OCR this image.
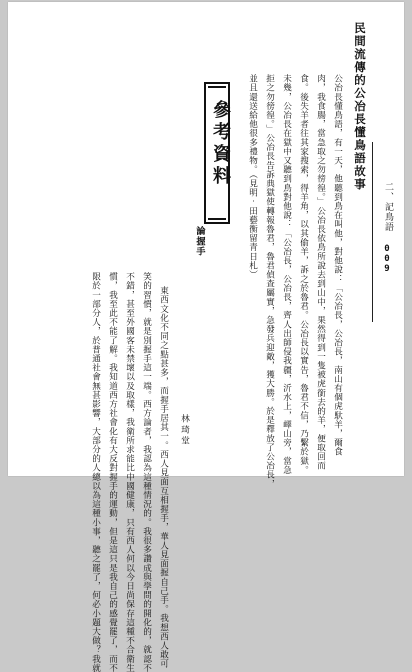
民間流傳的公冶長懂鳥語故事
公冶長懂鳥語，有一天，他聽到鳥在叫他，對他說：「公冶長，公冶長，南山有個虎馱羊，爾食
肉，我食腸，當急取之勿徬徨。」公冶長依鳥所說去到山中，果然得到一隻被虎銜去的羊，便取回而
食。後失羊者往其家搜索，得羊角，以其偷羊，訴之於魯君。公冶長以實告，魯君不信，乃繫於獄。
未幾，公冶長在獄中又聽到鳥對他說：「公冶長，公冶長，齊人出師侵我疆，沂水上，嶧山旁，當急
拒之勿徬徨。」公冶長告訴典獄使轉報魯君，魯君偵查屬實，急發兵迎敵，獲大勝。於是釋放了公冶長，
並且還送給他很多禮物。（見明‧田藝衡留青日札）
參考資料
論握手
林琦堂
東西文化不同之點甚多，而握手居其一。西人見面互相握手，華人見面握自己手。我想西人敢可
笑的習慣，就是別握手這一端。西方論者，我認為這種情況的。我很多讚成與學問的開化的，就認不
不錯，甚至外國客未禁壞以及取樣，我衛所求能比中國健康，只有西人何以今日尚保存這種不合衛生
慣，我至此不能了解。我知道西方社會化有大反對握手的運動，但是這只是我自己的感覺罷了，而不
限於一部分人，於普通社會無甚影響，大部分的人總以為這種小事，聽之罷了，何必小題大做？我就
二、記鳥語
009
